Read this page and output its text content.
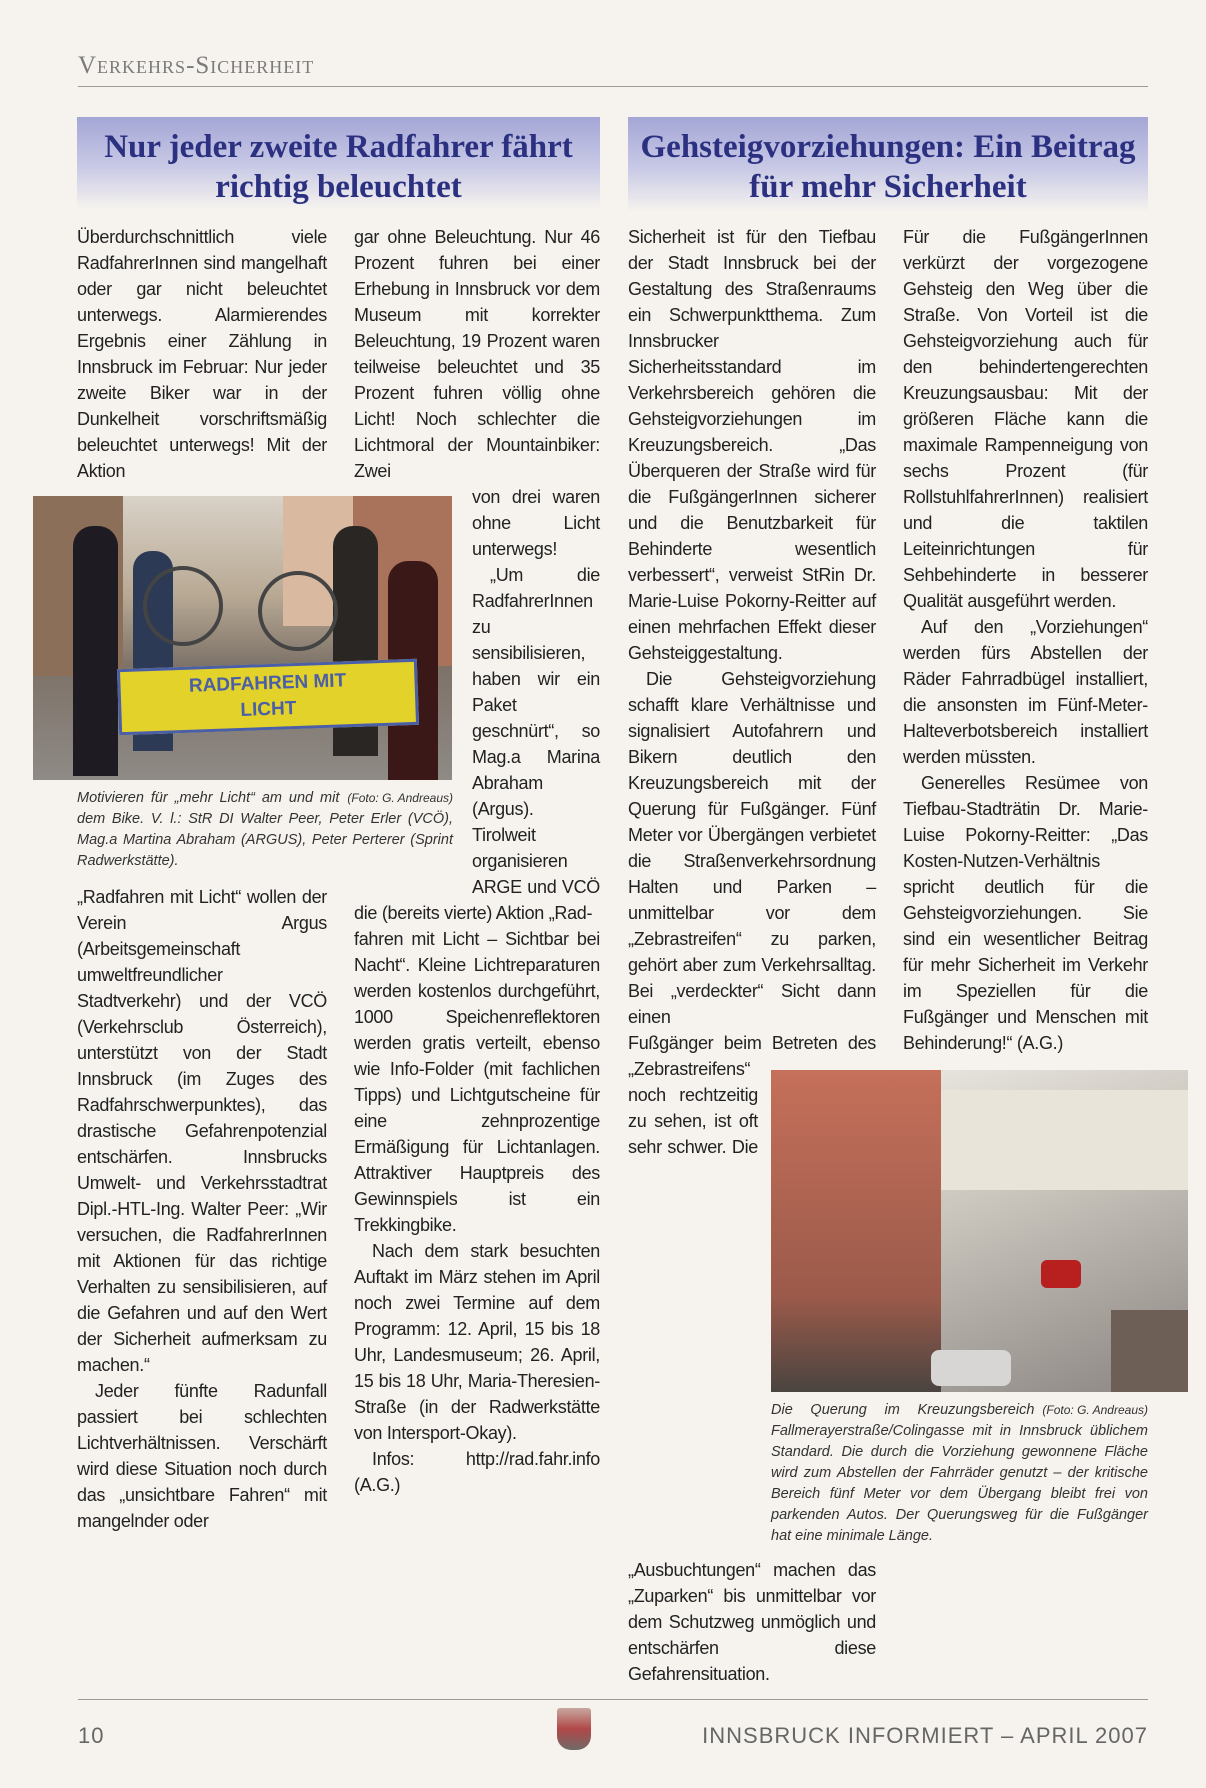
Verkehrs-Sicherheit
Nur jeder zweite Radfahrer fährt richtig beleuchtet

Überdurchschnittlich viele RadfahrerInnen sind mangelhaft oder gar nicht beleuchtet unterwegs. Alarmierendes Ergebnis einer Zählung in Innsbruck im Februar: Nur jeder zweite Biker war in der Dunkelheit vorschriftsmäßig beleuchtet unterwegs! Mit der Aktion

RADFAHREN MIT LICHT
(Foto: G. Andreaus)
Motivieren für „mehr Licht“ am und mit dem Bike. V. l.: StR DI Walter Peer, Peter Erler (VCÖ), Mag.a Martina Abraham (ARGUS), Peter Perterer (Sprint Radwerkstätte).

„Radfahren mit Licht“ wollen der Verein Argus (Arbeitsgemeinschaft umweltfreundlicher Stadtverkehr) und der VCÖ (Verkehrsclub Österreich), unterstützt von der Stadt Innsbruck (im Zuges des Radfahrschwerpunktes), das drastische Gefahrenpotenzial entschärfen. Innsbrucks Umwelt- und Verkehrsstadtrat Dipl.-HTL-Ing. Walter Peer: „Wir versuchen, die RadfahrerInnen mit Aktionen für das richtige Verhalten zu sensibilisieren, auf die Gefahren und auf den Wert der Sicherheit aufmerksam zu machen.“

Jeder fünfte Radunfall passiert bei schlechten Lichtverhältnissen. Verschärft wird diese Situation noch durch das „unsichtbare Fahren“ mit mangelnder oder

gar ohne Beleuchtung. Nur 46 Prozent fuhren bei einer Erhebung in Innsbruck vor dem Museum mit korrekter Beleuchtung, 19 Prozent waren teilweise beleuchtet und 35 Prozent fuhren völlig ohne Licht! Noch schlechter die Lichtmoral der Mountainbiker: Zwei

von drei waren ohne Licht unterwegs!

„Um die RadfahrerInnen zu sensibilisieren, haben wir ein Paket geschnürt“, so Mag.a Marina Abraham (Argus). Tirolweit organisieren ARGE und VCÖ die (bereits vierte) Aktion „Rad-

fahren mit Licht – Sichtbar bei Nacht“. Kleine Lichtreparaturen werden kostenlos durchgeführt, 1000 Speichenreflektoren werden gratis verteilt, ebenso wie Info-Folder (mit fachlichen Tipps) und Lichtgutscheine für eine zehnprozentige Ermäßigung für Lichtanlagen. Attraktiver Hauptpreis des Gewinnspiels ist ein Trekkingbike.

Nach dem stark besuchten Auftakt im März stehen im April noch zwei Termine auf dem Programm: 12. April, 15 bis 18 Uhr, Landesmuseum; 26. April, 15 bis 18 Uhr, Maria-Theresien-Straße (in der Radwerkstätte von Intersport-Okay).

Infos: http://rad.fahr.info (A.G.)

Gehsteigvorziehungen: Ein Beitrag für mehr Sicherheit

Sicherheit ist für den Tiefbau der Stadt Innsbruck bei der Gestaltung des Straßenraums ein Schwerpunktthema. Zum Innsbrucker Sicherheitsstandard im Verkehrsbereich gehören die Gehsteigvorziehungen im Kreuzungsbereich. „Das Überqueren der Straße wird für die FußgängerInnen sicherer und die Benutzbarkeit für Behinderte wesentlich verbessert“, verweist StRin Dr. Marie-Luise Pokorny-Reitter auf einen mehrfachen Effekt dieser Gehsteiggestaltung.

Die Gehsteigvorziehung schafft klare Verhältnisse und signalisiert Autofahrern und Bikern deutlich den Kreuzungsbereich mit der Querung für Fußgänger. Fünf Meter vor Übergängen verbietet die Straßenverkehrsordnung Halten und Parken – unmittelbar vor dem „Zebrastreifen“ zu parken, gehört aber zum Verkehrsalltag. Bei „verdeckter“ Sicht dann einen

Fußgänger beim Betreten des „Zebrastreifens“ noch rechtzeitig zu sehen, ist oft sehr schwer. Die „Ausbuchtungen“ machen das „Zuparken“ bis unmittelbar vor dem Schutzweg unmöglich und entschärfen diese Gefahrensituation.

Für die FußgängerInnen verkürzt der vorgezogene Gehsteig den Weg über die Straße. Von Vorteil ist die Gehsteigvorziehung auch für den behindertengerechten Kreuzungsausbau: Mit der größeren Fläche kann die maximale Rampenneigung von sechs Prozent (für RollstuhlfahrerInnen) realisiert und die taktilen Leiteinrichtungen für Sehbehinderte in besserer Qualität ausgeführt werden.

Auf den „Vorziehungen“ werden fürs Abstellen der Räder Fahrradbügel installiert, die ansonsten im Fünf-Meter-Halteverbotsbereich installiert werden müssten.

Generelles Resümee von Tiefbau-Stadträtin Dr. Marie-Luise Pokorny-Reitter: „Das Kosten-Nutzen-Verhältnis spricht deutlich für die Gehsteigvorziehungen. Sie sind ein wesentlicher Beitrag für mehr Sicherheit im Verkehr im Speziellen für die Fußgänger und Menschen mit Behinderung!“ (A.G.)

(Foto: G. Andreaus)
Die Querung im Kreuzungsbereich Fallmerayerstraße/Colingasse mit in Innsbruck üblichem Standard. Die durch die Vorziehung gewonnene Fläche wird zum Abstellen der Fahrräder genutzt – der kritische Bereich fünf Meter vor dem Übergang bleibt frei von parkenden Autos. Der Querungsweg für die Fußgänger hat eine minimale Länge.
10	INNSBRUCK INFORMIERT – APRIL 2007
